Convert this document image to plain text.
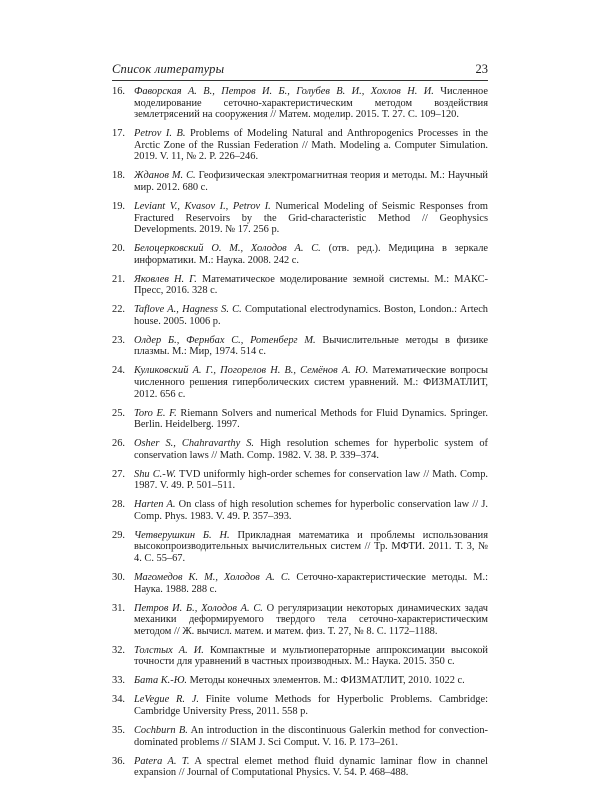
Список литературы	23
16. Фаворская А. В., Петров И. Б., Голубев В. И., Хохлов Н. И. Численное моделирование сеточно-характеристическим методом воздействия землетрясений на сооружения // Матем. моделир. 2015. Т. 27. С. 109–120.
17. Petrov I. B. Problems of Modeling Natural and Anthropogenics Processes in the Arctic Zone of the Russian Federation // Math. Modeling a. Computer Simulation. 2019. V. 11, № 2. P. 226–246.
18. Жданов М. С. Геофизическая электромагнитная теория и методы. М.: Научный мир. 2012. 680 с.
19. Leviant V., Kvasov I., Petrov I. Numerical Modeling of Seismic Responses from Fractured Reservoirs by the Grid-characteristic Method // Geophysics Developments. 2019. № 17. 256 p.
20. Белоцерковский О. М., Холодов А. С. (отв. ред.). Медицина в зеркале информатики. М.: Наука. 2008. 242 с.
21. Яковлев Н. Г. Математическое моделирование земной системы. М.: МАКС-Пресс, 2016. 328 с.
22. Taflove A., Hagness S. C. Computational electrodynamics. Boston, London.: Artech house. 2005. 1006 p.
23. Олдер Б., Фернбах С., Ротенберг М. Вычислительные методы в физике плазмы. М.: Мир, 1974. 514 с.
24. Куликовский А. Г., Погорелов Н. В., Семёнов А. Ю. Математические вопросы численного решения гиперболических систем уравнений. М.: ФИЗМАТЛИТ, 2012. 656 с.
25. Toro E. F. Riemann Solvers and numerical Methods for Fluid Dynamics. Springer. Berlin. Heidelberg. 1997.
26. Osher S., Chahravarthy S. High resolution schemes for hyperbolic system of conservation laws // Math. Comp. 1982. V. 38. P. 339–374.
27. Shu C.-W. TVD uniformly high-order schemes for conservation law // Math. Comp. 1987. V. 49. P. 501–511.
28. Harten A. On class of high resolution schemes for hyperbolic conservation law // J. Comp. Phys. 1983. V. 49. P. 357–393.
29. Четверушкин Б. Н. Прикладная математика и проблемы использования высокопроизводительных вычислительных систем // Тр. МФТИ. 2011. Т. 3, № 4. С. 55–67.
30. Магомедов К. М., Холодов А. С. Сеточно-характеристические методы. М.: Наука. 1988. 288 с.
31. Петров И. Б., Холодов А. С. О регуляризации некоторых динамических задач механики деформируемого твердого тела сеточно-характеристическим методом // Ж. вычисл. матем. и матем. физ. Т. 27, № 8. С. 1172–1188.
32. Толстых А. И. Компактные и мультиоператорные аппроксимации высокой точности для уравнений в частных производных. М.: Наука. 2015. 350 с.
33. Бата К.-Ю. Методы конечных элементов. М.: ФИЗМАТЛИТ, 2010. 1022 с.
34. LeVegue R. J. Finite volume Methods for Hyperbolic Problems. Cambridge: Cambridge University Press, 2011. 558 p.
35. Cochburn B. An introduction in the discontinuous Galerkin method for convection-dominated problems // SIAM J. Sci Comput. V. 16. P. 173–261.
36. Patera A. T. A spectral elemet method fluid dynamic laminar flow in channel expansion // Journal of Computational Physics. V. 54. P. 468–488.
